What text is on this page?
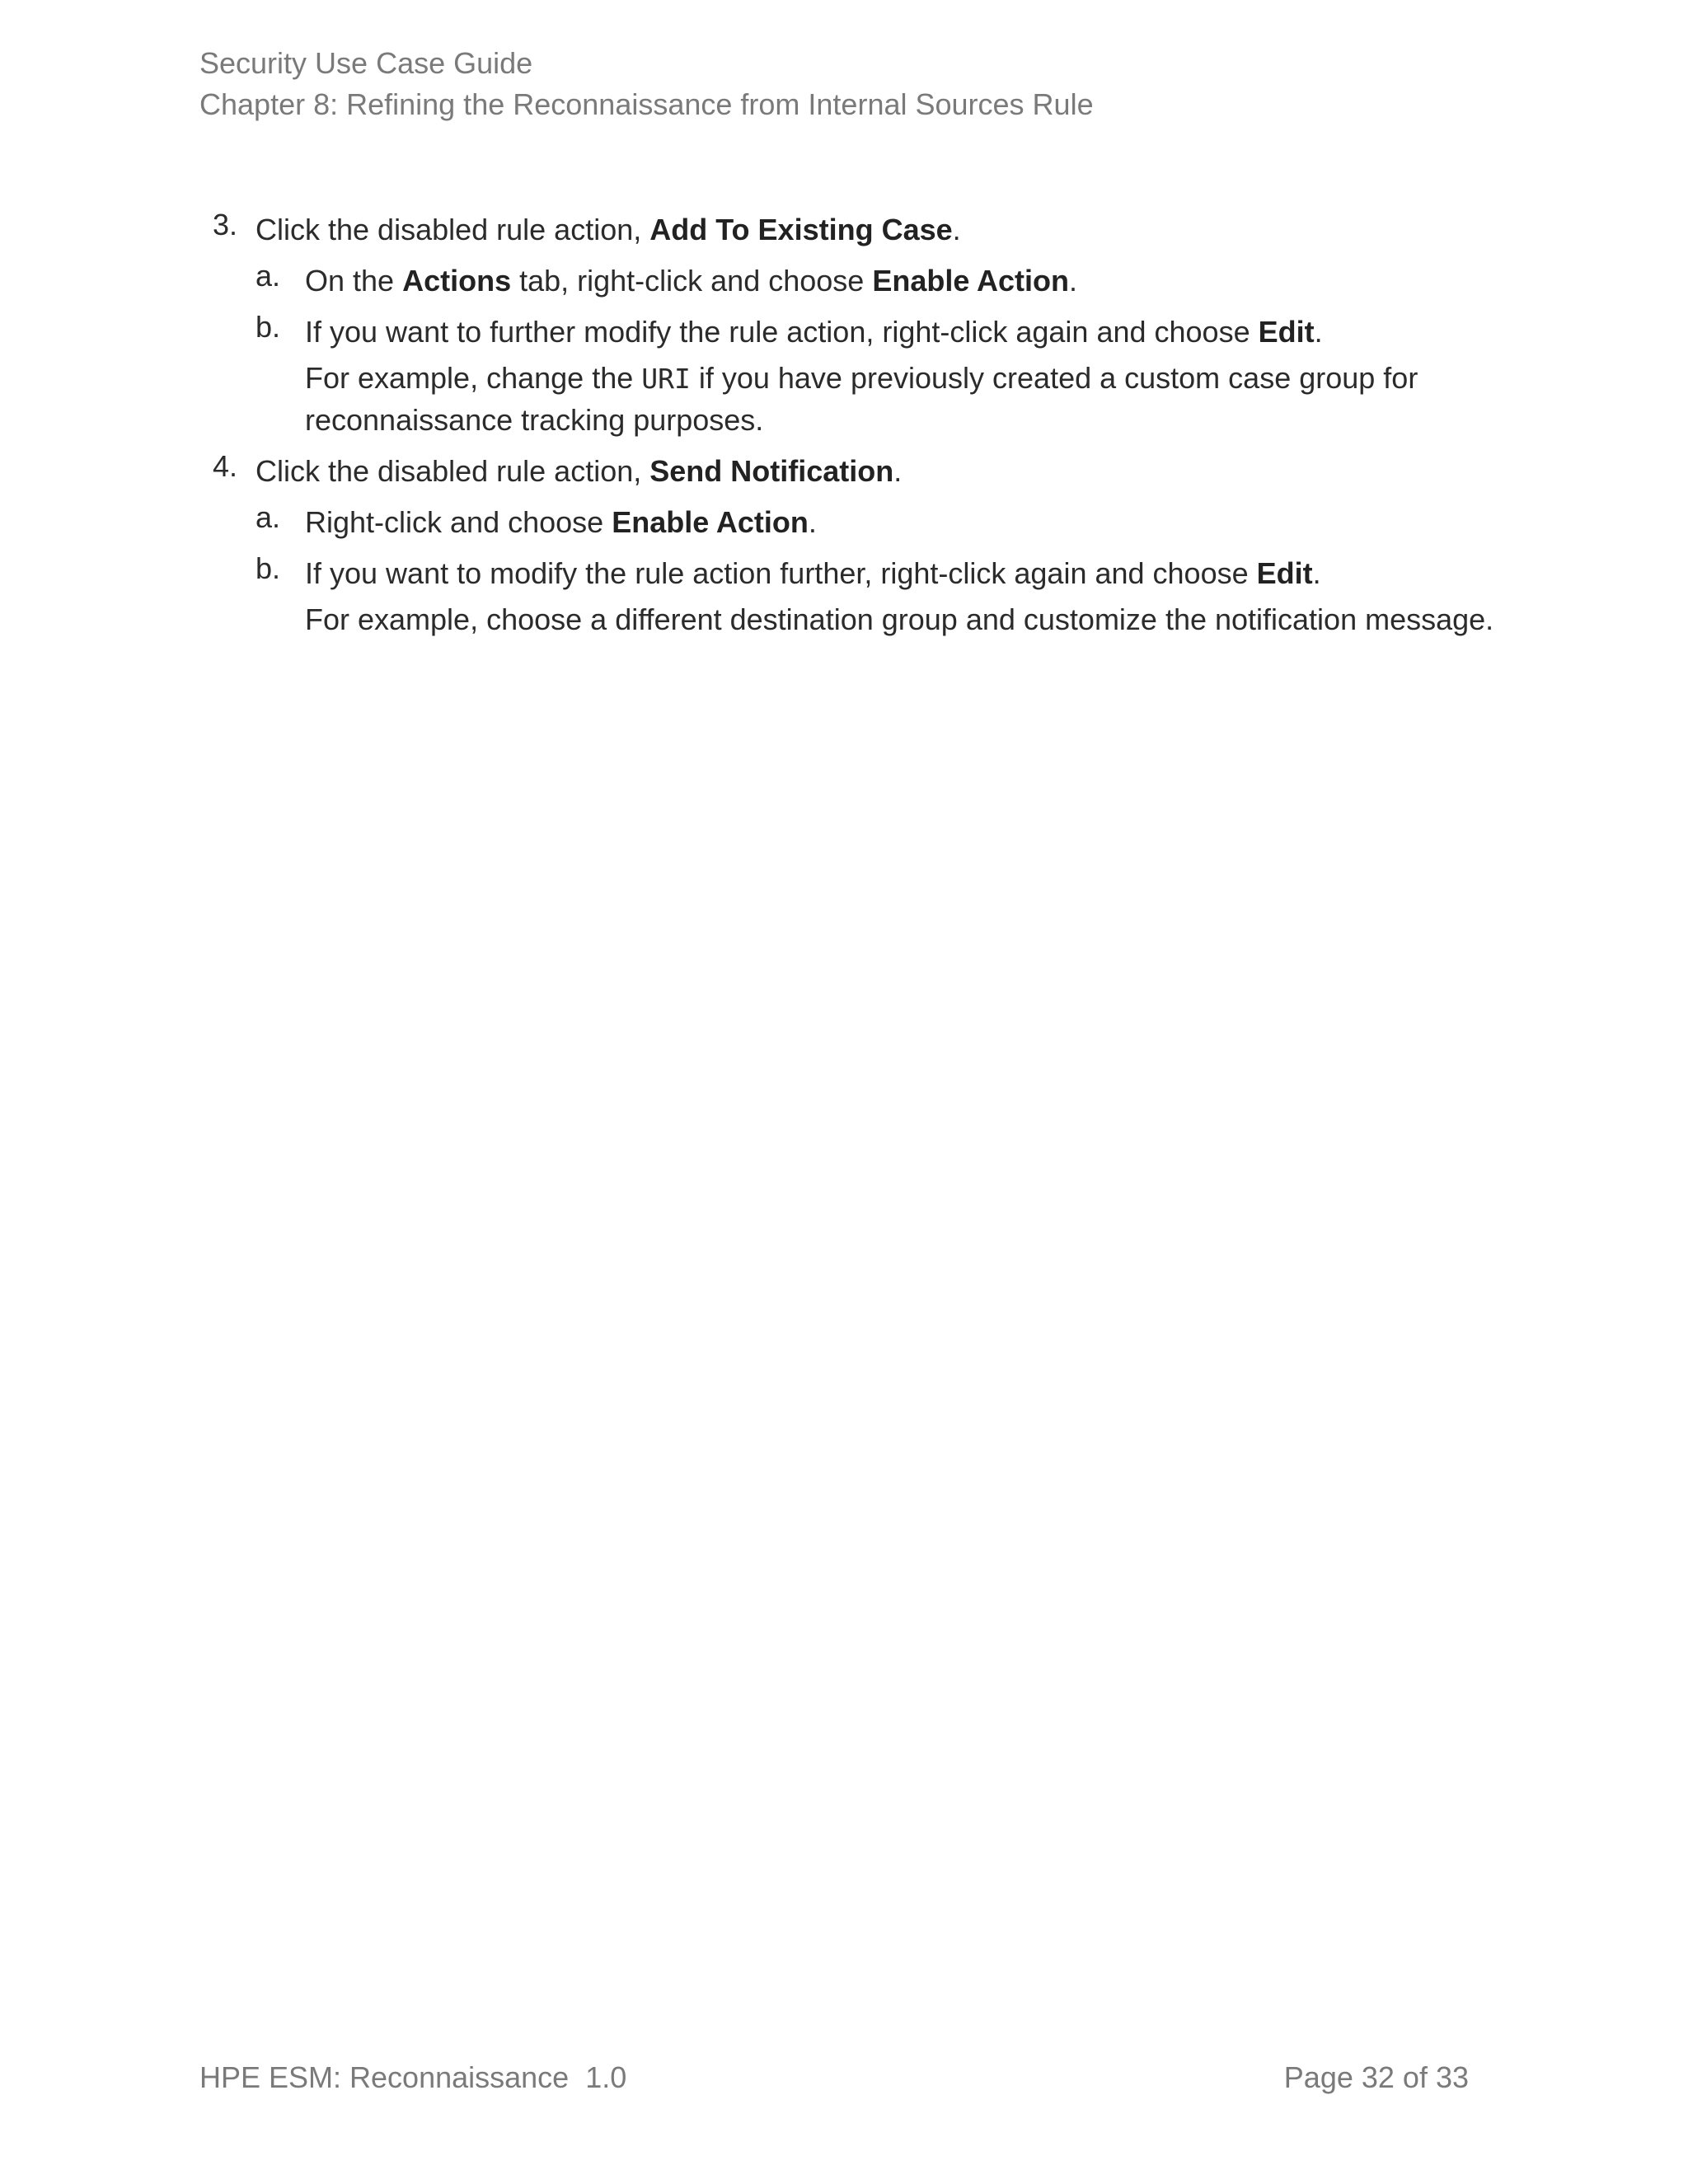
Security Use Case Guide
Chapter 8: Refining the Reconnaissance from Internal Sources Rule
3. Click the disabled rule action, Add To Existing Case.
a. On the Actions tab, right-click and choose Enable Action.
b. If you want to further modify the rule action, right-click again and choose Edit.
For example, change the URI if you have previously created a custom case group for
reconnaissance tracking purposes.
4. Click the disabled rule action, Send Notification.
a. Right-click and choose Enable Action.
b. If you want to modify the rule action further, right-click again and choose Edit.
For example, choose a different destination group and customize the notification message.
HPE ESM: Reconnaissance 1.0	Page 32 of 33
